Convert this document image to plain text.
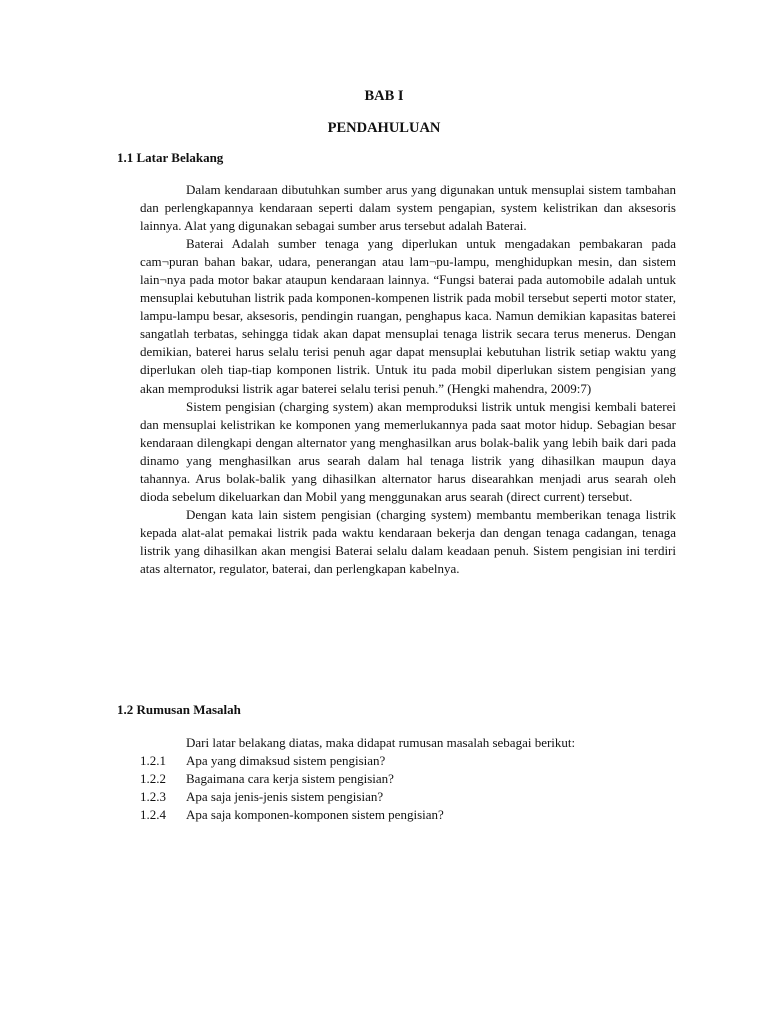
BAB I
PENDAHULUAN
1.1 Latar Belakang

Dalam kendaraan dibutuhkan sumber arus yang digunakan untuk mensuplai sistem tambahan dan perlengkapannya kendaraan seperti dalam system pengapian, system kelistrikan dan aksesoris lainnya. Alat yang digunakan sebagai sumber arus tersebut adalah Baterai.

Baterai Adalah sumber tenaga yang diperlukan untuk mengadakan pembakaran pada cam¬puran bahan bakar, udara, penerangan atau lam¬pu-lampu, menghidupkan mesin, dan sistem lain¬nya pada motor bakar ataupun kendaraan lainnya. “Fungsi baterai pada automobile adalah untuk mensuplai kebutuhan listrik pada komponen-kompenen listrik pada mobil tersebut seperti motor stater, lampu-lampu besar, aksesoris, pendingin ruangan, penghapus kaca. Namun demikian kapasitas baterei sangatlah terbatas, sehingga tidak akan dapat mensuplai tenaga listrik secara terus menerus. Dengan demikian, baterei harus selalu terisi penuh agar dapat mensuplai kebutuhan listrik setiap waktu yang diperlukan oleh tiap-tiap komponen listrik. Untuk itu pada mobil diperlukan sistem pengisian yang akan memproduksi listrik agar baterei selalu terisi penuh.” (Hengki mahendra, 2009:7)

Sistem pengisian (charging system) akan memproduksi listrik untuk mengisi kembali baterei dan mensuplai kelistrikan ke komponen yang memerlukannya pada saat motor hidup. Sebagian besar kendaraan dilengkapi dengan alternator yang menghasilkan arus bolak-balik yang lebih baik dari pada dinamo yang menghasilkan arus searah dalam hal tenaga listrik yang dihasilkan maupun daya tahannya. Arus bolak-balik yang dihasilkan alternator harus disearahkan menjadi arus searah oleh dioda sebelum dikeluarkan dan Mobil yang menggunakan arus searah (direct current) tersebut.

Dengan kata lain sistem pengisian (charging system) membantu memberikan tenaga listrik kepada alat-alat pemakai listrik pada waktu kendaraan bekerja dan dengan tenaga cadangan, tenaga listrik yang dihasilkan akan mengisi Baterai selalu dalam keadaan penuh. Sistem pengisian ini terdiri atas alternator, regulator, baterai, dan perlengkapan kabelnya.

1.2 Rumusan Masalah

Dari latar belakang diatas, maka didapat rumusan masalah sebagai berikut:

1.2.1	Apa yang dimaksud sistem pengisian?
1.2.2	Bagaimana cara kerja sistem pengisian?
1.2.3	Apa saja jenis-jenis sistem pengisian?
1.2.4	Apa saja komponen-komponen sistem pengisian?
